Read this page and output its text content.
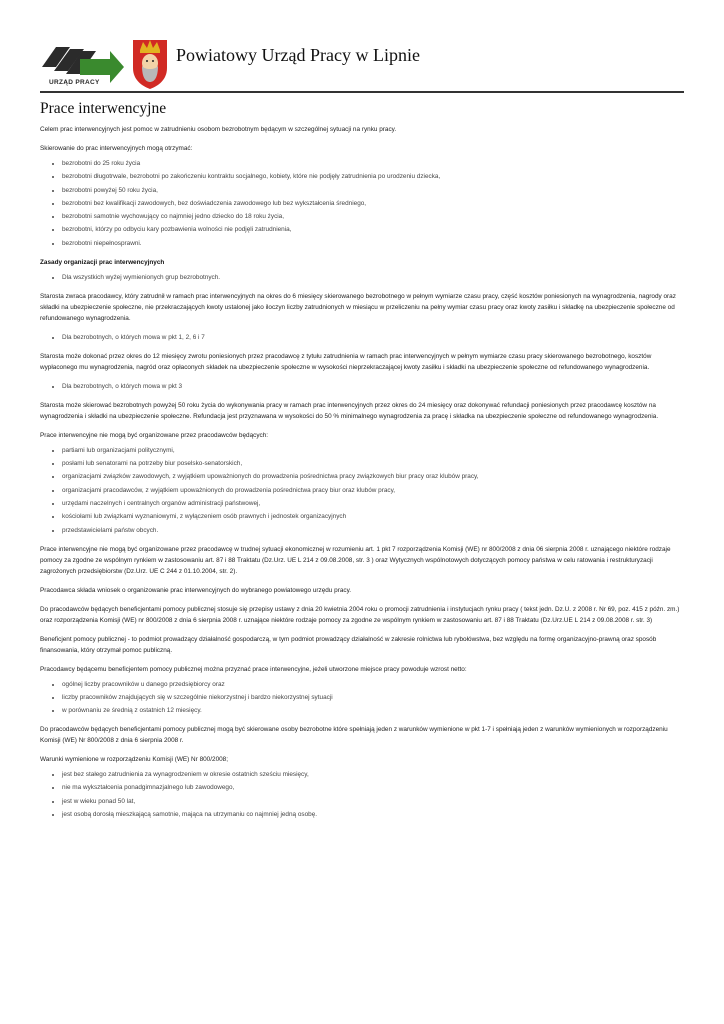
URZĄD PRACY
Powiatowy Urząd Pracy w Lipnie
Prace interwencyjne

Celem prac interwencyjnych jest pomoc w zatrudnieniu osobom bezrobotnym będącym w szczególnej sytuacji na rynku pracy.

Skierowanie do prac interwencyjnych mogą otrzymać:

• bezrobotni do 25 roku życia
• bezrobotni długotrwale, bezrobotni po zakończeniu kontraktu socjalnego, kobiety, które nie podjęły zatrudnienia po urodzeniu dziecka,
• bezrobotni powyżej 50 roku życia,
• bezrobotni bez kwalifikacji zawodowych, bez doświadczenia zawodowego lub bez wykształcenia średniego,
• bezrobotni samotnie wychowujący co najmniej jedno dziecko do 18 roku życia,
• bezrobotni, którzy po odbyciu kary pozbawienia wolności nie podjęli zatrudnienia,
• bezrobotni niepełnosprawni.

Zasady organizacji prac interwencyjnych

• Dla wszystkich wyżej wymienionych grup bezrobotnych.

Starosta zwraca pracodawcy, który zatrudnił w ramach prac interwencyjnych na okres do 6 miesięcy skierowanego bezrobotnego w pełnym wymiarze czasu pracy, część kosztów poniesionych na wynagrodzenia, nagrody oraz składki na ubezpieczenie społeczne, nie przekraczających kwoty ustalonej jako iloczyn liczby zatrudnionych w miesiącu w przeliczeniu na pełny wymiar czasu pracy oraz kwoty zasiłku i składkę na ubezpieczenie społeczne od refundowanego wynagrodzenia.

• Dla bezrobotnych, o których mowa w pkt 1, 2, 6 i 7

Starosta może dokonać przez okres do 12 miesięcy zwrotu poniesionych przez pracodawcę z tytułu zatrudnienia w ramach prac interwencyjnych w pełnym wymiarze czasu pracy skierowanego bezrobotnego, kosztów wypłaconego mu wynagrodzenia, nagród oraz opłaconych składek na ubezpieczenie społeczne w wysokości nieprzekraczającej kwoty zasiłku i składki na ubezpieczenie społeczne od refundowanego wynagrodzenia.

• Dla bezrobotnych, o których mowa w pkt 3

Starosta może skierować bezrobotnych powyżej 50 roku życia do wykonywania pracy w ramach prac interwencyjnych przez okres do 24 miesięcy oraz dokonywać refundacji poniesionych przez pracodawcę kosztów na wynagrodzenia i składki na ubezpieczenie społeczne. Refundacja jest przyznawana w wysokości do 50 % minimalnego wynagrodzenia za pracę i składka na ubezpieczenie społeczne od refundowanego wynagrodzenia.

Prace interwencyjne nie mogą być organizowane przez pracodawców będących:

• partiami lub organizacjami politycznymi,
• posłami lub senatorami na potrzeby biur poselsko-senatorskich,
• organizacjami związków zawodowych, z wyjątkiem upoważnionych do prowadzenia pośrednictwa pracy związkowych biur pracy oraz klubów pracy,
• organizacjami pracodawców, z wyjątkiem upoważnionych do prowadzenia pośrednictwa pracy biur oraz klubów pracy,
• urzędami naczelnych i centralnych organów administracji państwowej,
• kościołami lub związkami wyznaniowymi, z wyłączeniem osób prawnych i jednostek organizacyjnych
• przedstawicielami państw obcych.

Prace interwencyjne nie mogą być organizowane przez pracodawcę w trudnej sytuacji ekonomicznej w rozumieniu art. 1 pkt 7 rozporządzenia Komisji (WE) nr 800/2008 z dnia 06 sierpnia 2008 r. uznającego niektóre rodzaje pomocy za zgodne ze wspólnym rynkiem w zastosowaniu art. 87 i 88 Traktatu (Dz.Urz. UE L 214 z 09.08.2008, str. 3 ) oraz Wytycznych wspólnotowych dotyczących pomocy państwa w celu ratowania i restrukturyzacji zagrożonych przedsiębiorstw (Dz.Urz. UE C 244 z 01.10.2004, str. 2).

Pracodawca składa wniosek o organizowanie prac interwencyjnych do wybranego powiatowego urzędu pracy.

Do pracodawców będących beneficjentami pomocy publicznej stosuje się przepisy ustawy z dnia 20 kwietnia 2004 roku o promocji zatrudnienia i instytucjach rynku pracy ( tekst jedn. Dz.U. z 2008 r. Nr 69, poz. 415 z późn. zm.) oraz rozporządzenia Komisji (WE) nr 800/2008 z dnia 6 sierpnia 2008 r. uznające niektóre rodzaje pomocy za zgodne ze wspólnym rynkiem w zastosowaniu art. 87 i 88 Traktatu (Dz.Urz.UE L 214 z 09.08.2008 r. str. 3)

Beneficjent pomocy publicznej - to podmiot prowadzący działalność gospodarczą, w tym podmiot prowadzący działalność w zakresie rolnictwa lub rybołówstwa, bez względu na formę organizacyjno-prawną oraz sposób finansowania, który otrzymał pomoc publiczną.

Pracodawcy będącemu beneficjentem pomocy publicznej można przyznać prace interwencyjne, jeżeli utworzone miejsce pracy powoduje wzrost netto:

• ogólnej liczby pracowników u danego przedsiębiorcy oraz
• liczby pracowników znajdujących się w szczególnie niekorzystnej i bardzo niekorzystnej sytuacji
• w porównaniu ze średnią z ostatnich 12 miesięcy.

Do pracodawców będących beneficjentami pomocy publicznej mogą być skierowane osoby bezrobotne które spełniają jeden z warunków wymienione w pkt 1-7 i spełniają jeden z warunków wymienionych w rozporządzeniu Komisji (WE) Nr 800/2008 z dnia 6 sierpnia 2008 r.

Warunki wymienione w rozporządzeniu Komisji (WE) Nr 800/2008;

• jest bez stałego zatrudnienia za wynagrodzeniem w okresie ostatnich sześciu miesięcy,
• nie ma wykształcenia ponadgimnazjalnego lub zawodowego,
• jest w wieku ponad 50 lat,
• jest osobą dorosłą mieszkającą samotnie, mająca na utrzymaniu co najmniej jedną osobę.
